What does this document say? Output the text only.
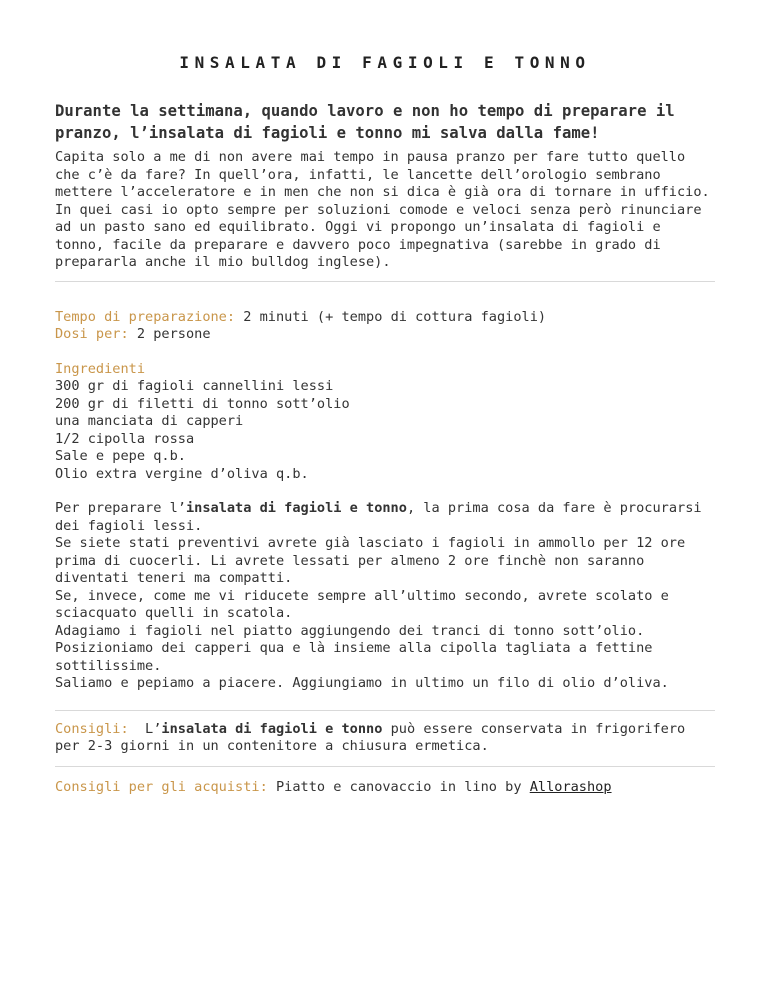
INSALATA DI FAGIOLI E TONNO

Durante la settimana, quando lavoro e non ho tempo di preparare il pranzo, l’insalata di fagioli e tonno mi salva dalla fame!

Capita solo a me di non avere mai tempo in pausa pranzo per fare tutto quello che c’è da fare? In quell’ora, infatti, le lancette dell’orologio sembrano mettere l’acceleratore e in men che non si dica è già ora di tornare in ufficio. In quei casi io opto sempre per soluzioni comode e veloci senza però rinunciare ad un pasto sano ed equilibrato. Oggi vi propongo un’insalata di fagioli e tonno, facile da preparare e davvero poco impegnativa (sarebbe in grado di prepararla anche il mio bulldog inglese).

Tempo di preparazione: 2 minuti (+ tempo di cottura fagioli)
Dosi per: 2 persone
Ingredienti
300 gr di fagioli cannellini lessi
200 gr di filetti di tonno sott’olio
una manciata di capperi
1/2 cipolla rossa
Sale e pepe q.b.
Olio extra vergine d’oliva q.b.
Per preparare l’insalata di fagioli e tonno, la prima cosa da fare è procurarsi dei fagioli lessi.
Se siete stati preventivi avrete già lasciato i fagioli in ammollo per 12 ore prima di cuocerli. Li avrete lessati per almeno 2 ore finchè non saranno diventati teneri ma compatti.
Se, invece, come me vi riducete sempre all’ultimo secondo, avrete scolato e sciacquato quelli in scatola.
Adagiamo i fagioli nel piatto aggiungendo dei tranci di tonno sott’olio.
Posizioniamo dei capperi qua e là insieme alla cipolla tagliata a fettine sottilissime.
Saliamo e pepiamo a piacere. Aggiungiamo in ultimo un filo di olio d’oliva.
Consigli: L’insalata di fagioli e tonno può essere conservata in frigorifero per 2-3 giorni in un contenitore a chiusura ermetica.
Consigli per gli acquisti: Piatto e canovaccio in lino by Allorashop
